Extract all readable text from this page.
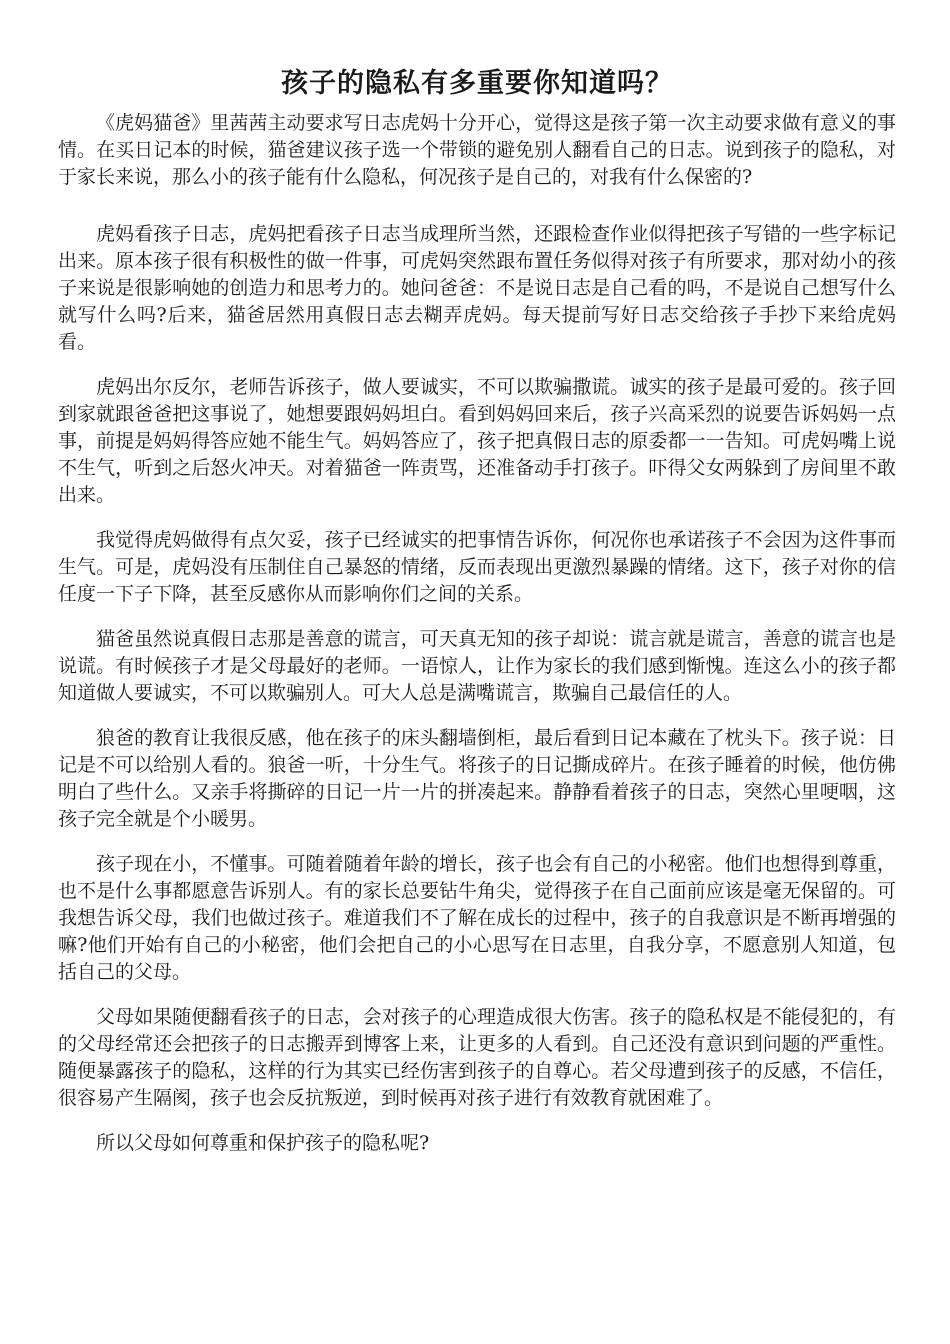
孩子的隐私有多重要你知道吗？

《虎妈猫爸》里茜茜主动要求写日志虎妈十分开心，觉得这是孩子第一次主动要求做有意义的事情。在买日记本的时候，猫爸建议孩子选一个带锁的避免别人翻看自己的日志。说到孩子的隐私，对于家长来说，那么小的孩子能有什么隐私，何况孩子是自己的，对我有什么保密的?

虎妈看孩子日志，虎妈把看孩子日志当成理所当然，还跟检查作业似得把孩子写错的一些字标记出来。原本孩子很有积极性的做一件事，可虎妈突然跟布置任务似得对孩子有所要求，那对幼小的孩子来说是很影响她的创造力和思考力的。她问爸爸：不是说日志是自己看的吗，不是说自己想写什么就写什么吗?后来，猫爸居然用真假日志去糊弄虎妈。每天提前写好日志交给孩子手抄下来给虎妈看。

虎妈出尔反尔，老师告诉孩子，做人要诚实，不可以欺骗撒谎。诚实的孩子是最可爱的。孩子回到家就跟爸爸把这事说了，她想要跟妈妈坦白。看到妈妈回来后，孩子兴高采烈的说要告诉妈妈一点事，前提是妈妈得答应她不能生气。妈妈答应了，孩子把真假日志的原委都一一告知。可虎妈嘴上说不生气，听到之后怒火冲天。对着猫爸一阵责骂，还准备动手打孩子。吓得父女两躲到了房间里不敢出来。

我觉得虎妈做得有点欠妥，孩子已经诚实的把事情告诉你，何况你也承诺孩子不会因为这件事而生气。可是，虎妈没有压制住自己暴怒的情绪，反而表现出更激烈暴躁的情绪。这下，孩子对你的信任度一下子下降，甚至反感你从而影响你们之间的关系。

猫爸虽然说真假日志那是善意的谎言，可天真无知的孩子却说：谎言就是谎言，善意的谎言也是说谎。有时候孩子才是父母最好的老师。一语惊人，让作为家长的我们感到惭愧。连这么小的孩子都知道做人要诚实，不可以欺骗别人。可大人总是满嘴谎言，欺骗自己最信任的人。

狼爸的教育让我很反感，他在孩子的床头翻墙倒柜，最后看到日记本藏在了枕头下。孩子说：日记是不可以给别人看的。狼爸一听，十分生气。将孩子的日记撕成碎片。在孩子睡着的时候，他仿佛明白了些什么。又亲手将撕碎的日记一片一片的拼凑起来。静静看着孩子的日志，突然心里哽咽，这孩子完全就是个小暖男。

孩子现在小，不懂事。可随着随着年龄的增长，孩子也会有自己的小秘密。他们也想得到尊重，也不是什么事都愿意告诉别人。有的家长总要钻牛角尖，觉得孩子在自己面前应该是毫无保留的。可我想告诉父母，我们也做过孩子。难道我们不了解在成长的过程中，孩子的自我意识是不断再增强的嘛?他们开始有自己的小秘密，他们会把自己的小心思写在日志里，自我分享，不愿意别人知道，包括自己的父母。

父母如果随便翻看孩子的日志，会对孩子的心理造成很大伤害。孩子的隐私权是不能侵犯的，有的父母经常还会把孩子的日志搬弄到博客上来，让更多的人看到。自己还没有意识到问题的严重性。随便暴露孩子的隐私，这样的行为其实已经伤害到孩子的自尊心。若父母遭到孩子的反感，不信任，很容易产生隔阂，孩子也会反抗叛逆，到时候再对孩子进行有效教育就困难了。

所以父母如何尊重和保护孩子的隐私呢?
